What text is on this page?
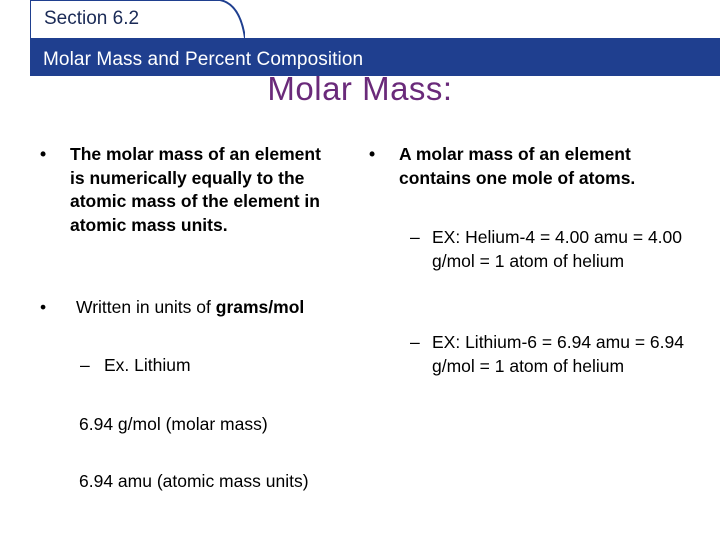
Section 6.2
Molar Mass and Percent Composition
Molar Mass:
• The molar mass of an element is numerically equally to the atomic mass of the element in atomic mass units.
• Written in units of grams/mol
– Ex. Lithium
6.94 g/mol (molar mass)
6.94 amu (atomic mass units)
• A molar mass of an element contains one mole of atoms.
– EX: Helium-4 = 4.00 amu = 4.00 g/mol = 1 atom of helium
– EX: Lithium-6 = 6.94 amu = 6.94 g/mol = 1 atom of helium
